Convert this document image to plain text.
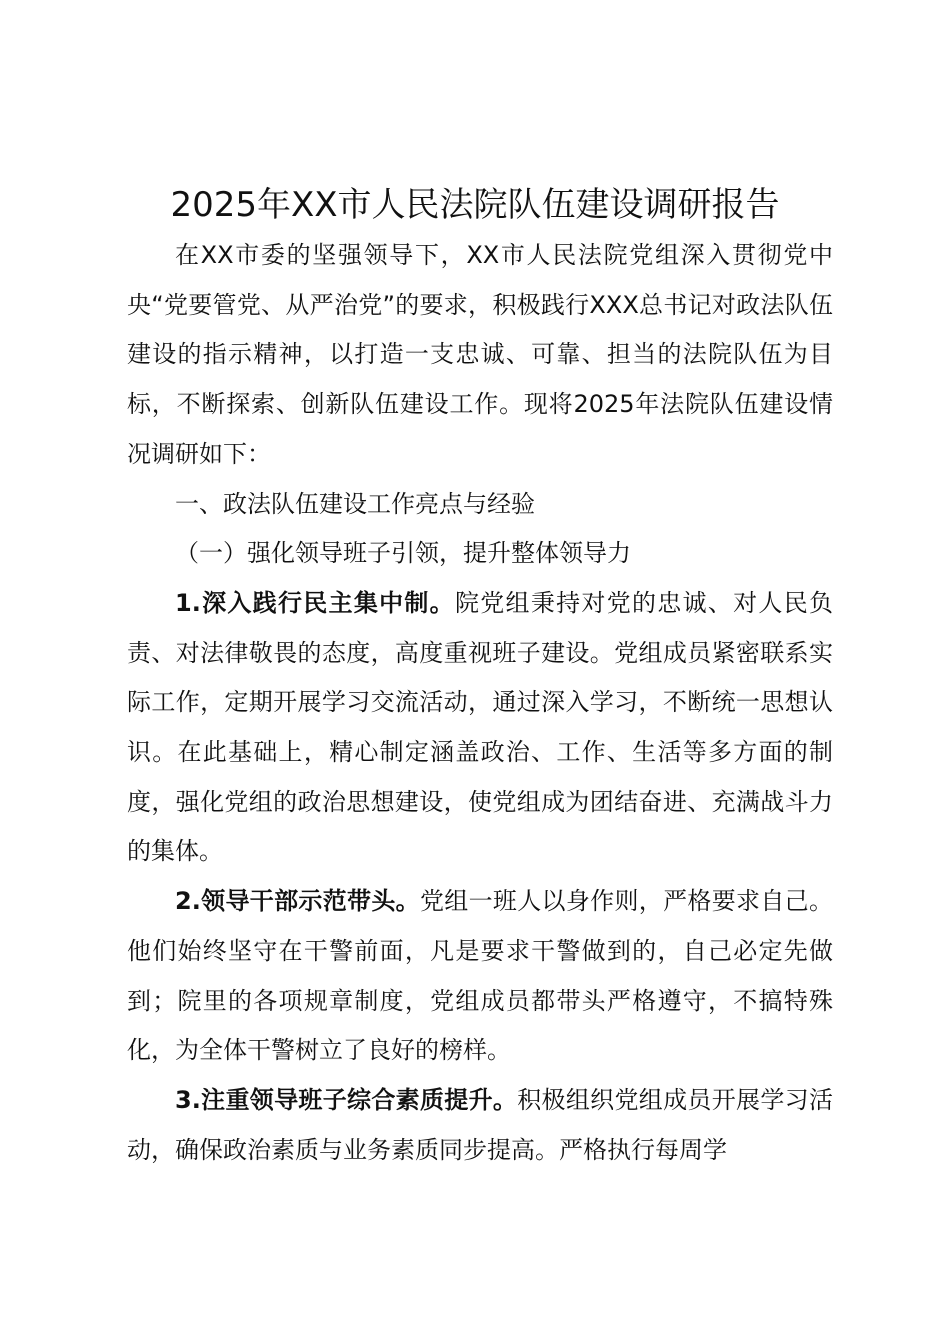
2025年XX市人民法院队伍建设调研报告

在XX市委的坚强领导下，XX市人民法院党组深入贯彻党中央“党要管党、从严治党”的要求，积极践行XXX总书记对政法队伍建设的指示精神，以打造一支忠诚、可靠、担当的法院队伍为目标，不断探索、创新队伍建设工作。现将2025年法院队伍建设情况调研如下：

一、政法队伍建设工作亮点与经验

（一）强化领导班子引领，提升整体领导力

1.深入践行民主集中制。院党组秉持对党的忠诚、对人民负责、对法律敬畏的态度，高度重视班子建设。党组成员紧密联系实际工作，定期开展学习交流活动，通过深入学习，不断统一思想认识。在此基础上，精心制定涵盖政治、工作、生活等多方面的制度，强化党组的政治思想建设，使党组成为团结奋进、充满战斗力的集体。

2.领导干部示范带头。党组一班人以身作则，严格要求自己。他们始终坚守在干警前面，凡是要求干警做到的，自己必定先做到；院里的各项规章制度，党组成员都带头严格遵守，不搞特殊化，为全体干警树立了良好的榜样。

3.注重领导班子综合素质提升。积极组织党组成员开展学习活动，确保政治素质与业务素质同步提高。严格执行每周学
